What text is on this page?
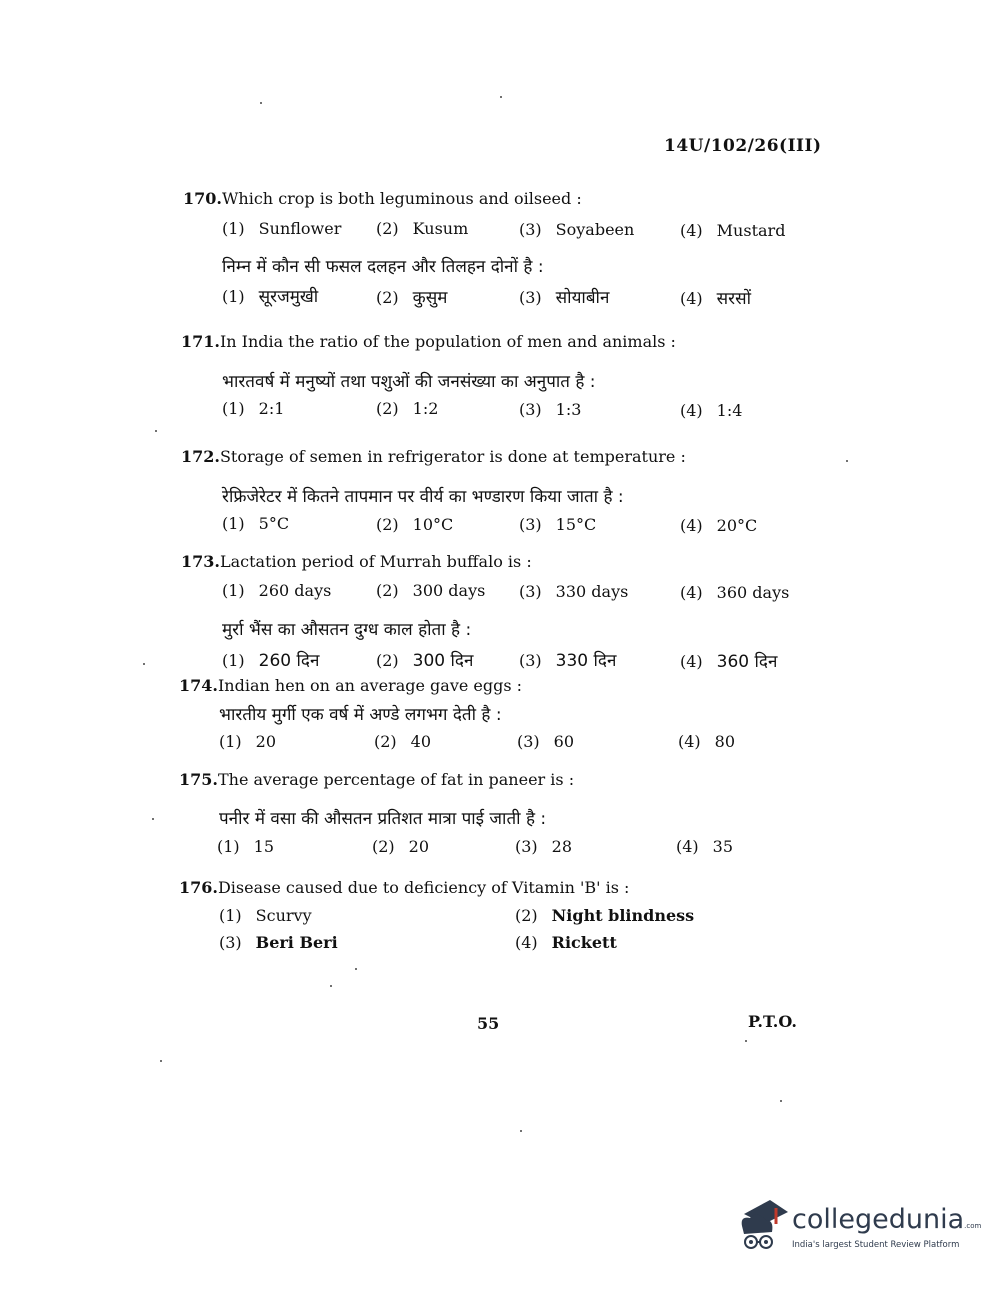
14U/102/26(III)
170.Which crop is both leguminous and oilseed :
(1) Sunflower (2) Kusum	(3) Soyabeen	(4) Mustard
निम्न में कौन सी फसल दलहन और तिलहन दोनों है :
(1) सूरजमुखी	(2) कुसुम	(3) सोयाबीन	(4) सरसों
171.In India the ratio of the population of men and animals :
भारतवर्ष में मनुष्यों तथा पशुओं की जनसंख्या का अनुपात है :
(1) 2:1	(2) 1:2	(3) 1:3	(4) 1:4
172.Storage of semen in refrigerator is done at temperature :
रेफ्रिजेरेटर में कितने तापमान पर वीर्य का भण्डारण किया जाता है :
(1) 5°C	(2) 10°C	(3) 15°C	(4) 20°C
173.Lactation period of Murrah buffalo is :
(1) 260 days	(2) 300 days (3) 330 days	(4) 360 days
मुर्रा भैंस का औसतन दुग्ध काल होता है :
(1) 260 दिन	(2) 300 दिन	(3) 330 दिन	(4) 360 दिन
174.Indian hen on an average gave eggs :
भारतीय मुर्गी एक वर्ष में अण्डे लगभग देती है :
(1) 20	(2) 40	(3) 60	(4) 80
175.The average percentage of fat in paneer is :
पनीर में वसा की औसतन प्रतिशत मात्रा पाई जाती है :
(1) 15	(2) 20	(3) 28	(4) 35
176.Disease caused due to deficiency of Vitamin 'B' is :
(1) Scurvy	(2) Night blindness
(3) Beri Beri	(4) Rickett
55	P.T.O.
collegedunia.com
India's largest Student Review Platform
